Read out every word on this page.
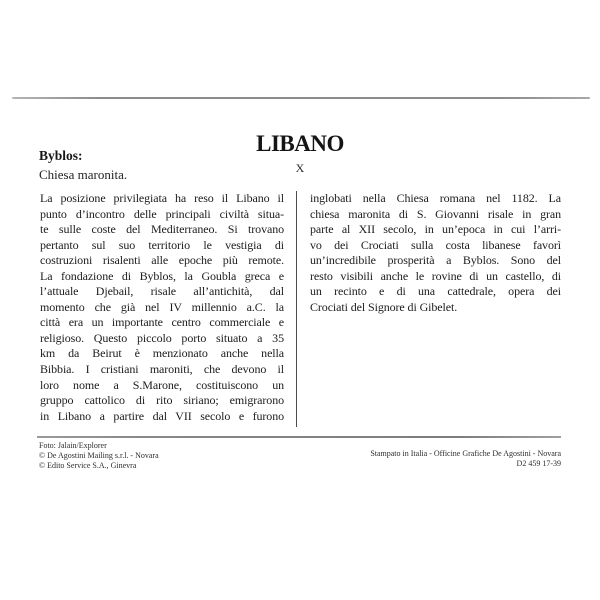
LIBANO
X
Byblos:
Chiesa maronita.
La posizione privilegiata ha reso il Libano il
punto d’incontro delle principali civiltà situa-
te sulle coste del Mediterraneo. Si trovano
pertanto sul suo territorio le vestigia di
costruzioni risalenti alle epoche più remote.
La fondazione di Byblos, la Goubla greca e
l’attuale Djebail, risale all’antichità, dal
momento che già nel IV millennio a.C. la
città era un importante centro commerciale e
religioso. Questo piccolo porto situato a 35
km da Beirut è menzionato anche nella
Bibbia. I cristiani maroniti, che devono il
loro nome a S.Marone, costituiscono un
gruppo cattolico di rito siriano; emigrarono
in Libano a partire dal VII secolo e furono
inglobati nella Chiesa romana nel 1182. La
chiesa maronita di S. Giovanni risale in gran
parte al XII secolo, in un’epoca in cui l’arri-
vo dei Crociati sulla costa libanese favorì
un’incredibile prosperità a Byblos. Sono del
resto visibili anche le rovine di un castello, di
un recinto e di una cattedrale, opera dei
Crociati del Signore di Gibelet.
Foto: Jalain/Explorer
© De Agostini Mailing s.r.l. - Novara
© Edito Service S.A., Ginevra
Stampato in Italia - Officine Grafiche De Agostini - Novara
D2 459 17-39
